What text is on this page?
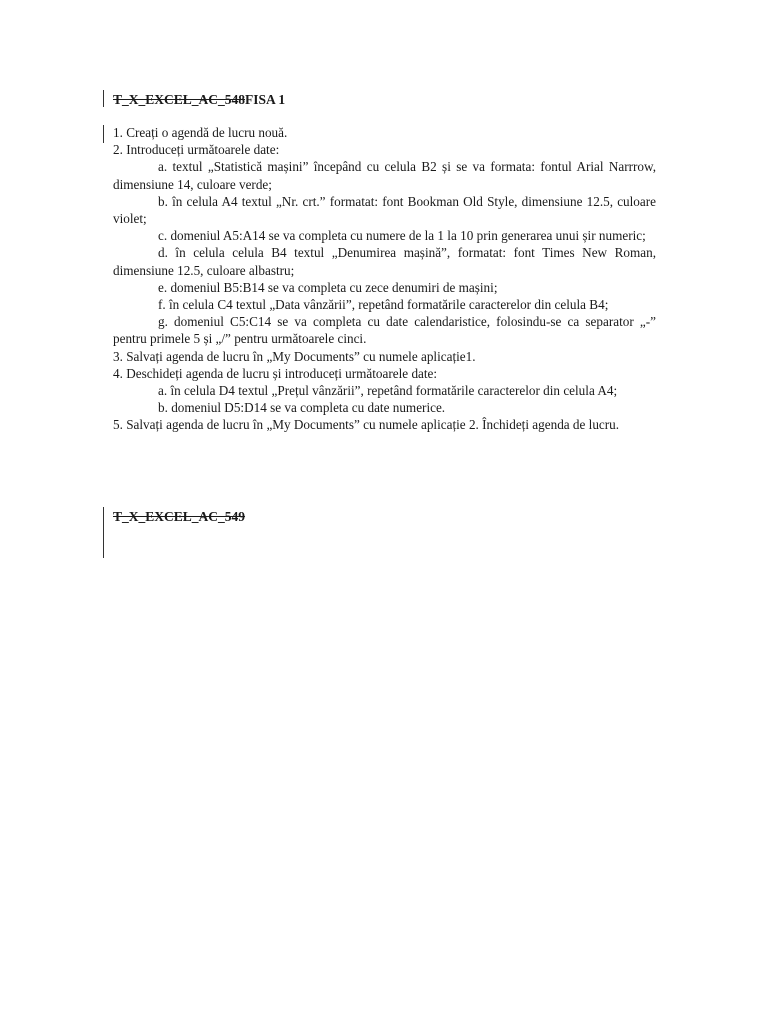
T_X_EXCEL_AC_548FISA 1

1. Creați o agendă de lucru nouă.

2. Introduceți următoarele date:

a. textul „Statistică mașini” începând cu celula B2 și se va formata: fontul Arial Narrrow, dimensiune 14, culoare verde;

b. în celula A4 textul „Nr. crt.” formatat: font Bookman Old Style, dimensiune 12.5, culoare violet;

c. domeniul A5:A14 se va completa cu numere de la 1 la 10 prin generarea unui șir numeric;

d. în celula celula B4 textul „Denumirea mașină”, formatat: font Times New Roman, dimensiune 12.5, culoare albastru;

e. domeniul B5:B14 se va completa cu zece denumiri de mașini;

f. în celula C4 textul „Data vânzării”, repetând formatările caracterelor din celula B4;

g. domeniul C5:C14 se va completa cu date calendaristice, folosindu-se ca separator „-” pentru primele 5 și „/” pentru următoarele cinci.

3. Salvați agenda de lucru în „My Documents” cu numele aplicație1.

4. Deschideți agenda de lucru și introduceți următoarele date:

a. în celula D4 textul „Prețul vânzării”, repetând formatările caracterelor din celula A4;

b. domeniul D5:D14 se va completa cu date numerice.

5. Salvați agenda de lucru în „My Documents” cu numele aplicație 2. Închideți agenda de lucru.

T_X_EXCEL_AC_549
